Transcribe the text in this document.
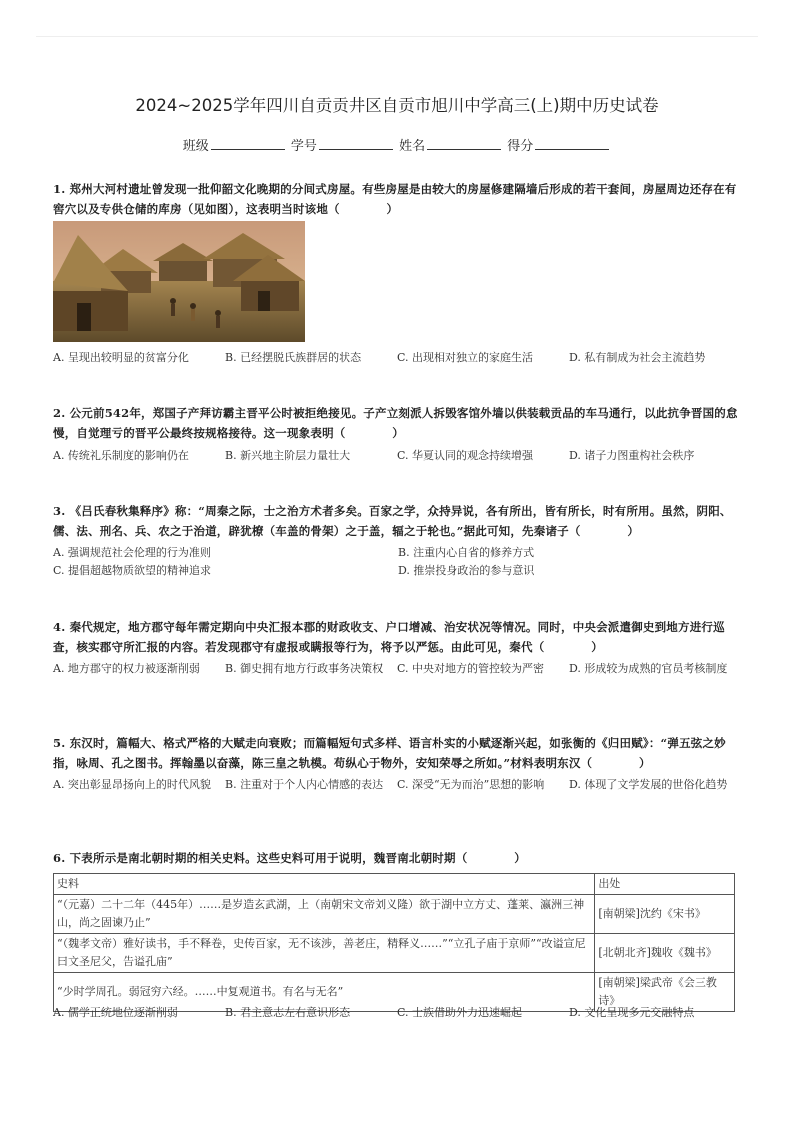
2024~2025学年四川自贡贡井区自贡市旭川中学高三(上)期中历史试卷
班级	学号	姓名	得分
1. 郑州大河村遗址曾发现一批仰韶文化晚期的分间式房屋。有些房屋是由较大的房屋修建隔墙后形成的若干套间，房屋周边还存在有窖穴以及专供仓储的库房（见如图），这表明当时该地（　　　　）
A. 呈现出较明显的贫富分化	B. 已经摆脱氏族群居的状态	C. 出现相对独立的家庭生活	D. 私有制成为社会主流趋势
2. 公元前542年，郑国子产拜访霸主晋平公时被拒绝接见。子产立刻派人拆毁客馆外墙以供装载贡品的车马通行，以此抗争晋国的怠慢，自觉理亏的晋平公最终按规格接待。这一现象表明（　　　　）
A. 传统礼乐制度的影响仍在	B. 新兴地主阶层力量壮大	C. 华夏认同的观念持续增强	D. 诸子力图重构社会秩序
3. 《吕氏春秋集释序》称：“周秦之际，士之治方术者多矣。百家之学，众持异说，各有所出，皆有所长，时有所用。虽然，阴阳、儒、法、刑名、兵、农之于治道，辟犹橑（车盖的骨架）之于盖，辐之于轮也。”据此可知，先秦诸子（　　　　）
A. 强调规范社会伦理的行为准则	B. 注重内心自省的修养方式
C. 提倡超越物质欲望的精神追求	D. 推崇投身政治的参与意识
4. 秦代规定，地方郡守每年需定期向中央汇报本郡的财政收支、户口增减、治安状况等情况。同时，中央会派遣御史到地方进行巡查，核实郡守所汇报的内容。若发现郡守有虚报或瞒报等行为，将予以严惩。由此可见，秦代（　　　　）
A. 地方郡守的权力被逐渐削弱	B. 御史拥有地方行政事务决策权	C. 中央对地方的管控较为严密	D. 形成较为成熟的官员考核制度
5. 东汉时，篇幅大、格式严格的大赋走向衰败；而篇幅短句式多样、语言朴实的小赋逐渐兴起，如张衡的《归田赋》：“弹五弦之妙指，咏周、孔之图书。挥翰墨以奋藻，陈三皇之轨模。苟纵心于物外，安知荣辱之所如。”材料表明东汉（　　　　）
A. 突出彰显昂扬向上的时代风貌	B. 注重对于个人内心情感的表达	C. 深受“无为而治”思想的影响	D. 体现了文学发展的世俗化趋势
6. 下表所示是南北朝时期的相关史料。这些史料可用于说明，魏晋南北朝时期（　　　　）
史料	出处
“（元嘉）二十二年（445年）……是岁造玄武湖，上（南朝宋文帝刘义隆）欲于湖中立方丈、蓬莱、瀛洲三神山，尚之固谏乃止”	[南朝梁]沈约《宋书》
“（魏孝文帝）雅好读书，手不释卷，史传百家，无不该涉，善老庄，精释义……”“立孔子庙于京师”“改谥宣尼曰文圣尼父，告谥孔庙”	[北朝北齐]魏收《魏书》
“少时学周孔。弱冠穷六经。……中复观道书。有名与无名”	[南朝梁]梁武帝《会三教诗》
A. 儒学正统地位逐渐削弱	B. 君主意志左右意识形态	C. 士族借助外力迅速崛起	D. 文化呈现多元交融特点
